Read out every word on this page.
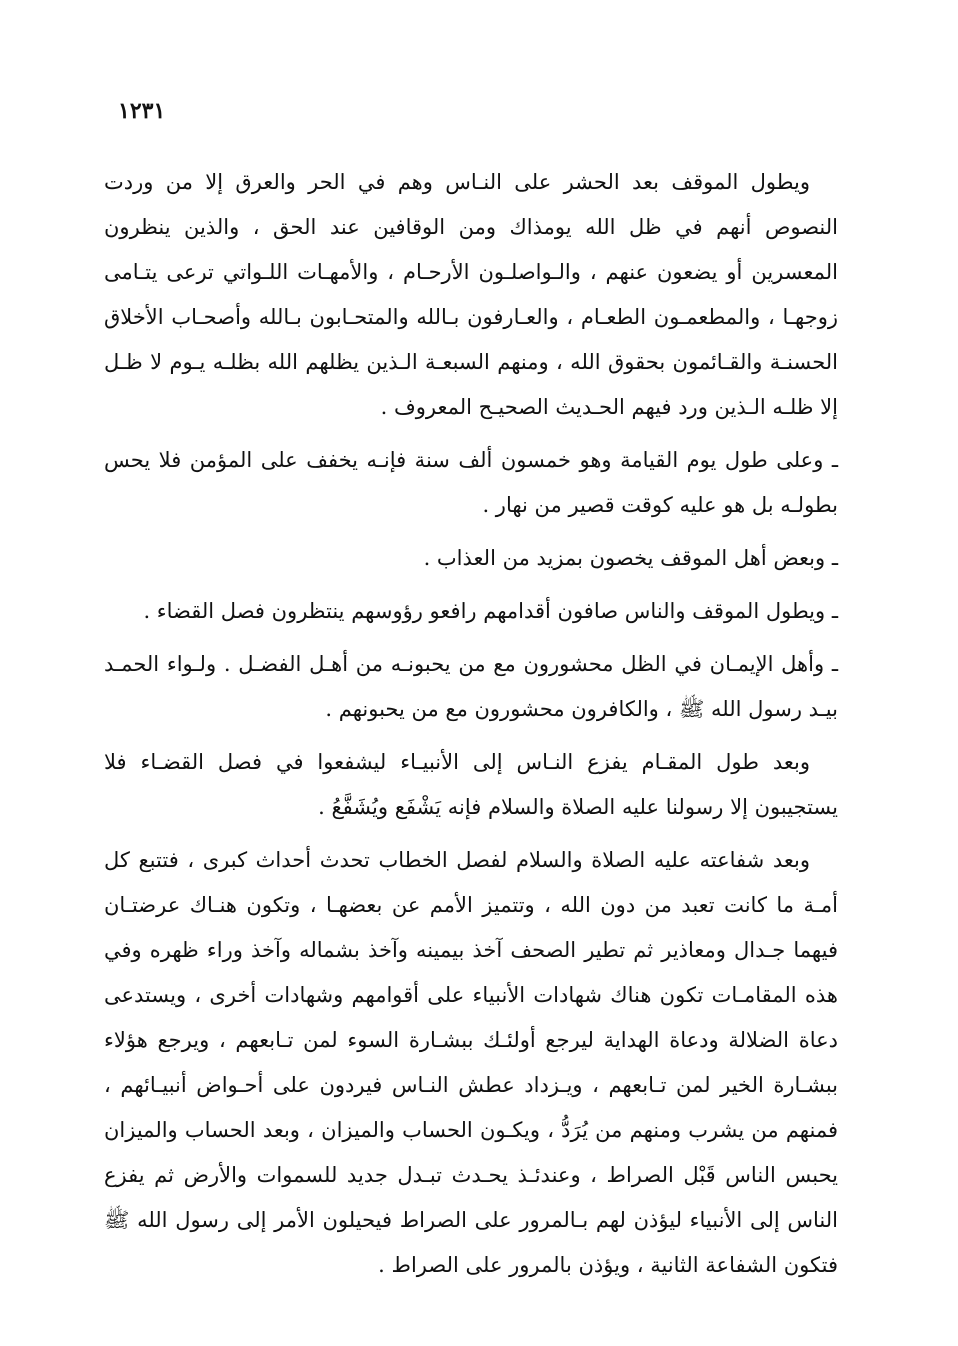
١٢٣١

ويطول الموقف بعد الحشر على النـاس وهم في الحر والعرق إلا من وردت النصوص أنهم في ظل الله يومذاك ومن الوقافين عند الحق ، والذين ينظرون المعسرين أو يضعون عنهم ، والـواصلـون الأرحـام ، والأمهـات اللـواتي ترعى يتـامى زوجهـا ، والمطعمـون الطعـام ، والعـارفون بـالله والمتحـابون بـالله وأصحـاب الأخلاق الحسنـة والقـائمون بحقوق الله ، ومنهم السبعـة الـذين يظلهم الله بظلـه يـوم لا ظـل إلا ظلـه الـذين ورد فيهم الحـديث الصحيـح المعروف .

ـ وعلى طول يوم القيامة وهو خمسون ألف سنة فإنـه يخفف على المؤمن فلا يحس بطولـه بل هو عليه كوقت قصير من نهار .

ـ وبعض أهل الموقف يخصون بمزيد من العذاب .

ـ ويطول الموقف والناس صافون أقدامهم رافعو رؤوسهم ينتظرون فصل القضاء .

ـ وأهل الإيمـان في الظل محشورون مع من يحبونـه من أهـل الفضـل . ولـواء الحمـد بيـد رسول الله ﷺ ، والكافرون محشورون مع من يحبونهم .

وبعد طول المقـام يفزع النـاس إلى الأنبيـاء ليشفعوا في فصل القضـاء فلا يستجيبون إلا رسولنا عليه الصلاة والسلام فإنه يَشْفَع ويُشَفَّعُ .

وبعد شفاعته عليه الصلاة والسلام لفصل الخطاب تحدث أحداث كبرى ، فتتبع كل أمـة ما كانت تعبد من دون الله ، وتتميز الأمم عن بعضهـا ، وتكون هنـاك عرضتـان فيهما جـدال ومعاذير ثم تطير الصحف آخذ بيمينه وآخذ بشماله وآخذ وراء ظهره وفي هذه المقامـات تكون هناك شهادات الأنبياء على أقوامهم وشهادات أخرى ، ويستدعى دعاة الضلالة ودعاة الهداية ليرجع أولئـك ببشـارة السوء لمن تـابعهم ، ويرجع هؤلاء ببشـارة الخير لمن تـابعهم ، ويـزداد عطش النـاس فيردون على أحـواض أنبيـائهم ، فمنهم من يشرب ومنهم من يُرَدُّ ، ويكـون الحساب والميزان ، وبعد الحساب والميزان يحبس الناس قَبْل الصراط ، وعندئـذ يحـدث تبـدل جديد للسموات والأرض ثم يفزع الناس إلى الأنبياء ليؤذن لهم بـالمرور على الصراط فيحيلون الأمر إلى رسول الله ﷺ فتكون الشفاعة الثانية ، ويؤذن بالمرور على الصراط .
